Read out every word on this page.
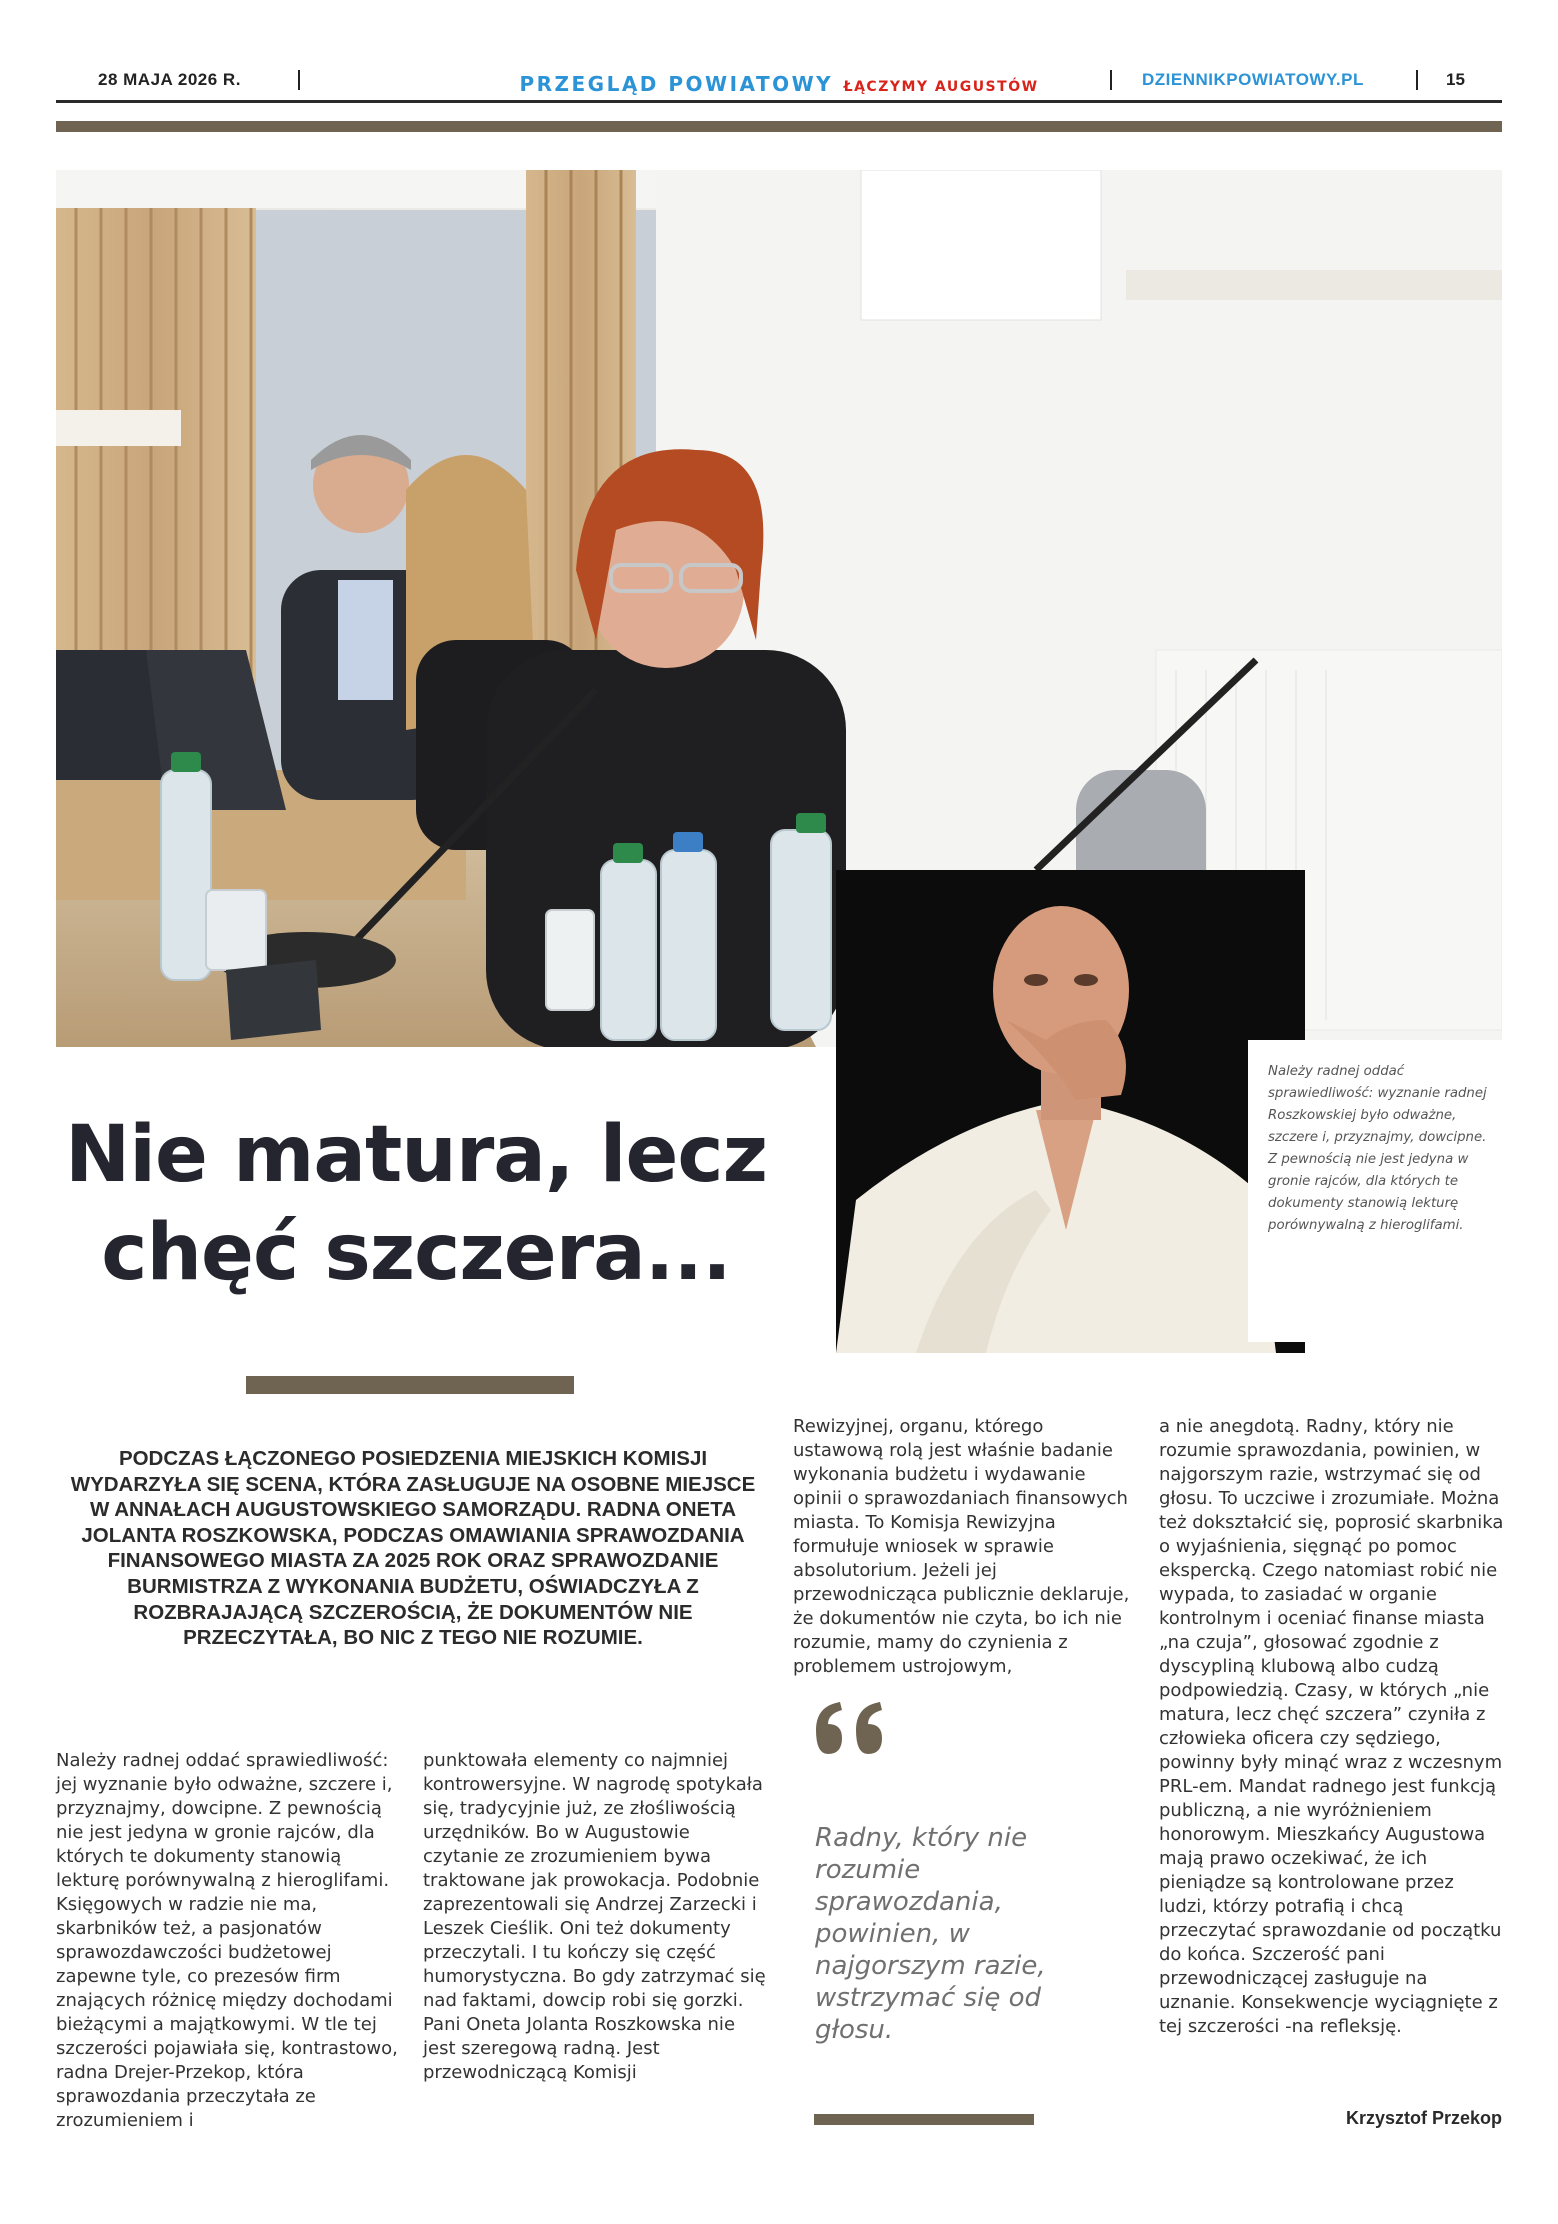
28 MAJA 2026 R.	PRZEGLĄD POWIATOWY ŁĄCZYMY AUGUSTÓW	DZIENNIKPOWIATOWY.PL	15
Należy radnej oddać sprawiedliwość: wyznanie radnej Roszkowskiej było odważne, szczere i, przyznajmy, dowcipne. Z pewnością nie jest jedyna w gronie rajców, dla których te dokumenty stanowią lekturę porównywalną z hieroglifami.
Nie matura, lecz
chęć szczera...
PODCZAS ŁĄCZONEGO POSIEDZENIA MIEJSKICH KOMISJI WYDARZYŁA SIĘ SCENA, KTÓRA ZASŁUGUJE NA OSOBNE MIEJSCE W ANNAŁACH AUGUSTOWSKIEGO SAMORZĄDU. RADNA ONETA JOLANTA ROSZKOWSKA, PODCZAS OMAWIANIA SPRAWOZDANIA FINANSOWEGO MIASTA ZA 2025 ROK ORAZ SPRAWOZDANIE BURMISTRZA Z WYKONANIA BUDŻETU, OŚWIADCZYŁA Z ROZBRAJAJĄCĄ SZCZEROŚCIĄ, ŻE DOKUMENTÓW NIE PRZECZYTAŁA, BO NIC Z TEGO NIE ROZUMIE.
Należy radnej oddać sprawiedliwość: jej wyznanie było odważne, szczere i, przyznajmy, dowcipne. Z pewnością nie jest jedyna w gronie rajców, dla których te dokumenty stanowią lekturę porównywalną z hieroglifami. Księgowych w radzie nie ma, skarbników też, a pasjonatów sprawozdawczości budżetowej zapewne tyle, co prezesów firm znających różnicę między dochodami bieżącymi a majątkowymi. W tle tej szczerości pojawiała się, kontrastowo, radna Drejer-Przekop, która sprawozdania przeczytała ze zrozumieniem i
punktowała elementy co najmniej kontrowersyjne. W nagrodę spotykała się, tradycyjnie już, ze złośliwością urzędników. Bo w Augustowie czytanie ze zrozumieniem bywa traktowane jak prowokacja. Podobnie zaprezentowali się Andrzej Zarzecki i Leszek Cieślik. Oni też dokumenty przeczytali. I tu kończy się część humorystyczna. Bo gdy zatrzymać się nad faktami, dowcip robi się gorzki. Pani Oneta Jolanta Roszkowska nie jest szeregową radną. Jest przewodniczącą Komisji
Rewizyjnej, organu, którego ustawową rolą jest właśnie badanie wykonania budżetu i wydawanie opinii o sprawozdaniach finansowych miasta. To Komisja Rewizyjna formułuje wniosek w sprawie absolutorium. Jeżeli jej przewodnicząca publicznie deklaruje, że dokumentów nie czyta, bo ich nie rozumie, mamy do czynienia z problemem ustrojowym,
a nie anegdotą. Radny, który nie rozumie sprawozdania, powinien, w najgorszym razie, wstrzymać się od głosu. To uczciwe i zrozumiałe. Można też dokształcić się, poprosić skarbnika o wyjaśnienia, sięgnąć po pomoc ekspercką. Czego natomiast robić nie wypada, to zasiadać w organie kontrolnym i oceniać finanse miasta „na czuja”, głosować zgodnie z dyscypliną klubową albo cudzą podpowiedzią. Czasy, w których „nie matura, lecz chęć szczera” czyniła z człowieka oficera czy sędziego, powinny były minąć wraz z wczesnym PRL-em. Mandat radnego jest funkcją publiczną, a nie wyróżnieniem honorowym. Mieszkańcy Augustowa mają prawo oczekiwać, że ich pieniądze są kontrolowane przez ludzi, którzy potrafią i chcą przeczytać sprawozdanie od początku do końca. Szczerość pani przewodniczącej zasługuje na uznanie. Konsekwencje wyciągnięte z tej szczerości -na refleksję.
Radny, który nie rozumie sprawozdania, powinien, w najgorszym razie, wstrzymać się od głosu.
Krzysztof Przekop
